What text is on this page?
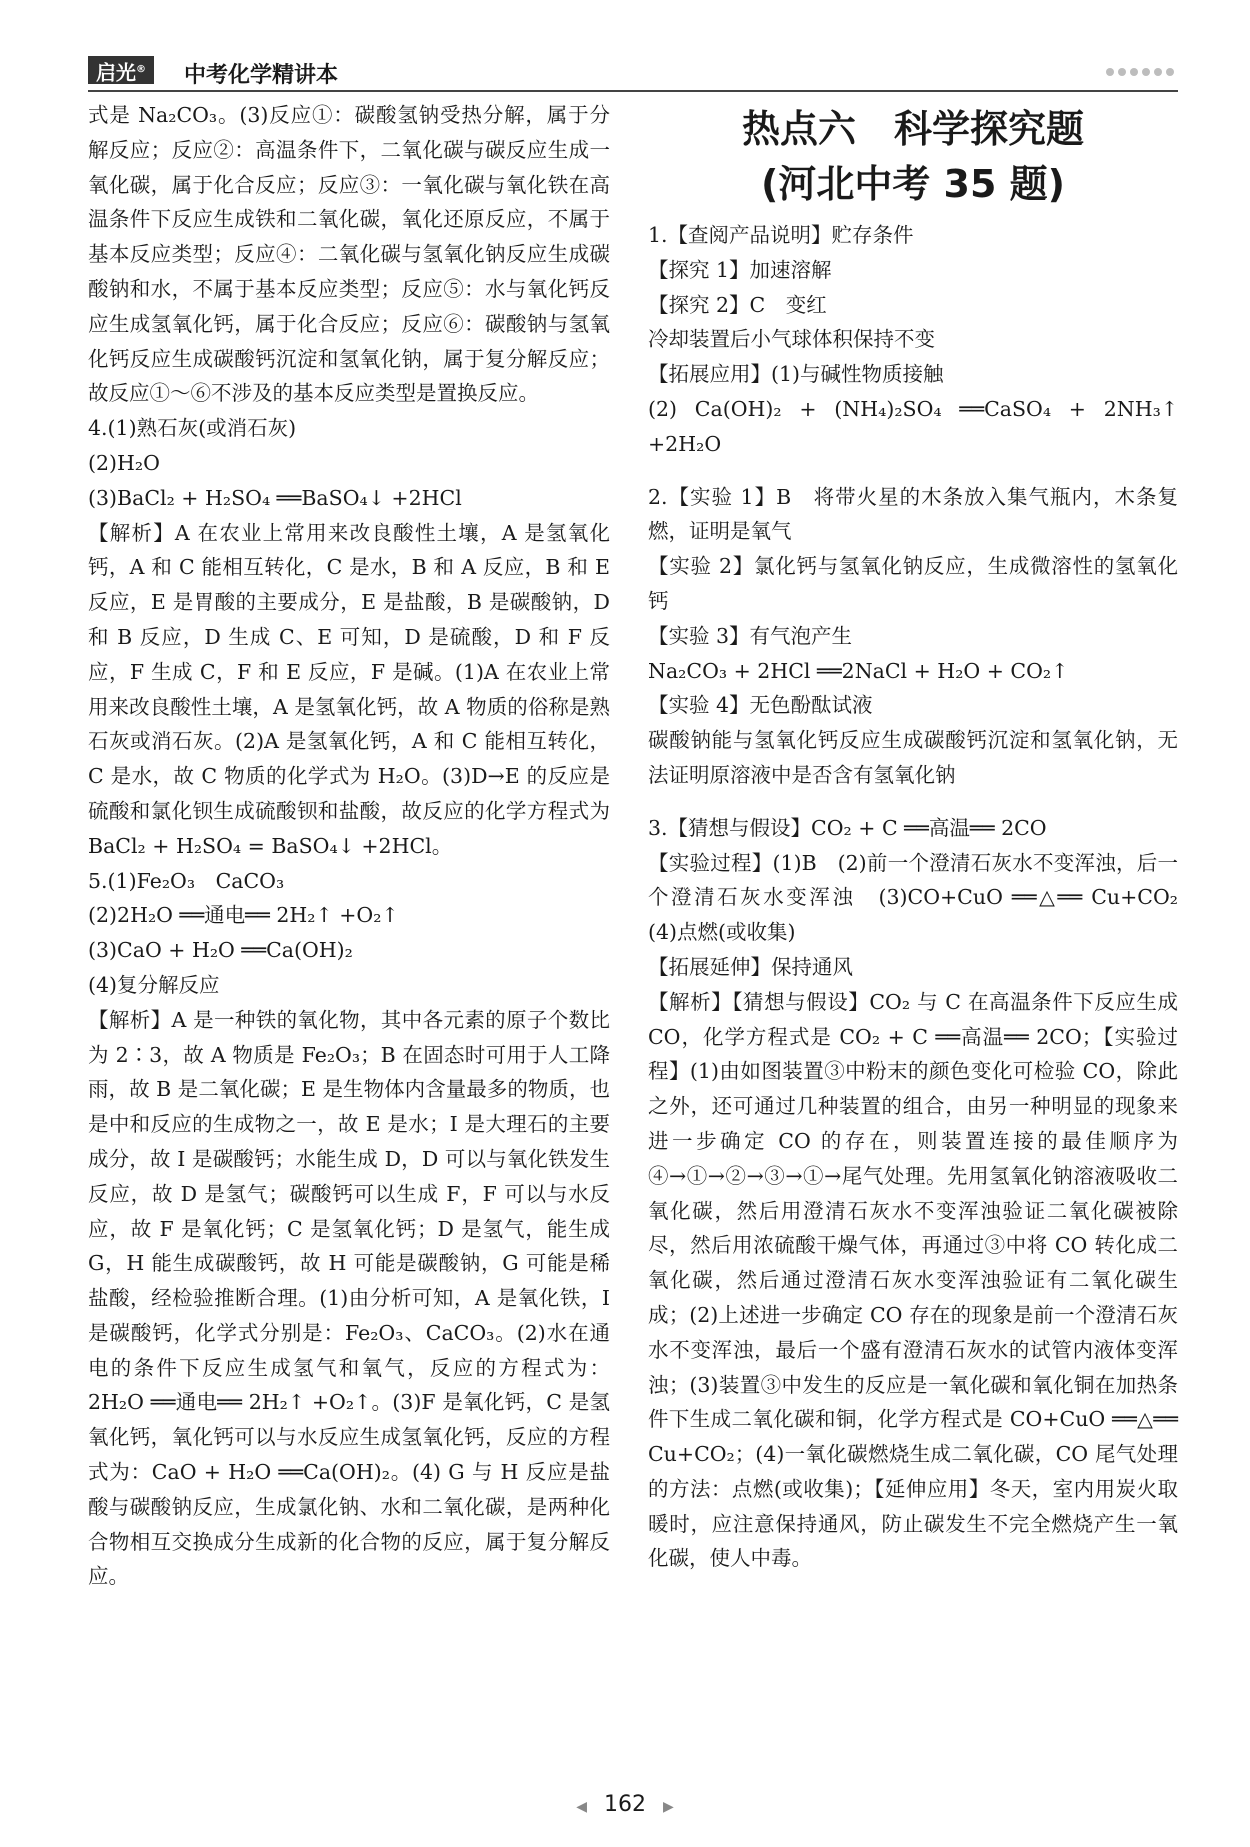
启光®	中考化学精讲本

式是 Na₂CO₃。(3)反应①：碳酸氢钠受热分解，属于分解反应；反应②：高温条件下，二氧化碳与碳反应生成一氧化碳，属于化合反应；反应③：一氧化碳与氧化铁在高温条件下反应生成铁和二氧化碳，氧化还原反应，不属于基本反应类型；反应④：二氧化碳与氢氧化钠反应生成碳酸钠和水，不属于基本反应类型；反应⑤：水与氧化钙反应生成氢氧化钙，属于化合反应；反应⑥：碳酸钠与氢氧化钙反应生成碳酸钙沉淀和氢氧化钠，属于复分解反应；故反应①～⑥不涉及的基本反应类型是置换反应。

4.(1)熟石灰(或消石灰)

(2)H₂O

(3)BaCl₂ + H₂SO₄ ══BaSO₄↓ +2HCl

【解析】A 在农业上常用来改良酸性土壤，A 是氢氧化钙，A 和 C 能相互转化，C 是水，B 和 A 反应，B 和 E 反应，E 是胃酸的主要成分，E 是盐酸，B 是碳酸钠，D 和 B 反应，D 生成 C、E 可知，D 是硫酸，D 和 F 反应，F 生成 C，F 和 E 反应，F 是碱。(1)A 在农业上常用来改良酸性土壤，A 是氢氧化钙，故 A 物质的俗称是熟石灰或消石灰。(2)A 是氢氧化钙，A 和 C 能相互转化，C 是水，故 C 物质的化学式为 H₂O。(3)D→E 的反应是硫酸和氯化钡生成硫酸钡和盐酸，故反应的化学方程式为 BaCl₂ + H₂SO₄ = BaSO₄↓ +2HCl。

5.(1)Fe₂O₃　CaCO₃

(2)2H₂O ══通电══ 2H₂↑ +O₂↑

(3)CaO + H₂O ══Ca(OH)₂

(4)复分解反应

【解析】A 是一种铁的氧化物，其中各元素的原子个数比为 2∶3，故 A 物质是 Fe₂O₃；B 在固态时可用于人工降雨，故 B 是二氧化碳；E 是生物体内含量最多的物质，也是中和反应的生成物之一，故 E 是水；I 是大理石的主要成分，故 I 是碳酸钙；水能生成 D，D 可以与氧化铁发生反应，故 D 是氢气；碳酸钙可以生成 F，F 可以与水反应，故 F 是氧化钙；C 是氢氧化钙；D 是氢气，能生成 G，H 能生成碳酸钙，故 H 可能是碳酸钠，G 可能是稀盐酸，经检验推断合理。(1)由分析可知，A 是氧化铁，I 是碳酸钙，化学式分别是：Fe₂O₃、CaCO₃。(2)水在通电的条件下反应生成氢气和氧气，反应的方程式为：2H₂O ══通电══ 2H₂↑ +O₂↑。(3)F 是氧化钙，C 是氢氧化钙，氧化钙可以与水反应生成氢氧化钙，反应的方程式为：CaO + H₂O ══Ca(OH)₂。(4) G 与 H 反应是盐酸与碳酸钠反应，生成氯化钠、水和二氧化碳，是两种化合物相互交换成分生成新的化合物的反应，属于复分解反应。

热点六　科学探究题
(河北中考 35 题)

1.【查阅产品说明】贮存条件

【探究 1】加速溶解

【探究 2】C　变红

冷却装置后小气球体积保持不变

【拓展应用】(1)与碱性物质接触

(2) Ca(OH)₂ + (NH₄)₂SO₄ ══CaSO₄ + 2NH₃↑ +2H₂O

2.【实验 1】B　将带火星的木条放入集气瓶内，木条复燃，证明是氧气

【实验 2】氯化钙与氢氧化钠反应，生成微溶性的氢氧化钙

【实验 3】有气泡产生

Na₂CO₃ + 2HCl ══2NaCl + H₂O + CO₂↑

【实验 4】无色酚酞试液

碳酸钠能与氢氧化钙反应生成碳酸钙沉淀和氢氧化钠，无法证明原溶液中是否含有氢氧化钠

3.【猜想与假设】CO₂ + C ══高温══ 2CO

【实验过程】(1)B　(2)前一个澄清石灰水不变浑浊，后一个澄清石灰水变浑浊　(3)CO+CuO ══△══ Cu+CO₂　(4)点燃(或收集)

【拓展延伸】保持通风

【解析】【猜想与假设】CO₂ 与 C 在高温条件下反应生成 CO，化学方程式是 CO₂ + C ══高温══ 2CO；【实验过程】(1)由如图装置③中粉末的颜色变化可检验 CO，除此之外，还可通过几种装置的组合，由另一种明显的现象来进一步确定 CO 的存在，则装置连接的最佳顺序为④→①→②→③→①→尾气处理。先用氢氧化钠溶液吸收二氧化碳，然后用澄清石灰水不变浑浊验证二氧化碳被除尽，然后用浓硫酸干燥气体，再通过③中将 CO 转化成二氧化碳，然后通过澄清石灰水变浑浊验证有二氧化碳生成；(2)上述进一步确定 CO 存在的现象是前一个澄清石灰水不变浑浊，最后一个盛有澄清石灰水的试管内液体变浑浊；(3)装置③中发生的反应是一氧化碳和氧化铜在加热条件下生成二氧化碳和铜，化学方程式是 CO+CuO ══△══ Cu+CO₂；(4)一氧化碳燃烧生成二氧化碳，CO 尾气处理的方法：点燃(或收集)；【延伸应用】冬天，室内用炭火取暖时，应注意保持通风，防止碳发生不完全燃烧产生一氧化碳，使人中毒。

◀ 162 ▶
